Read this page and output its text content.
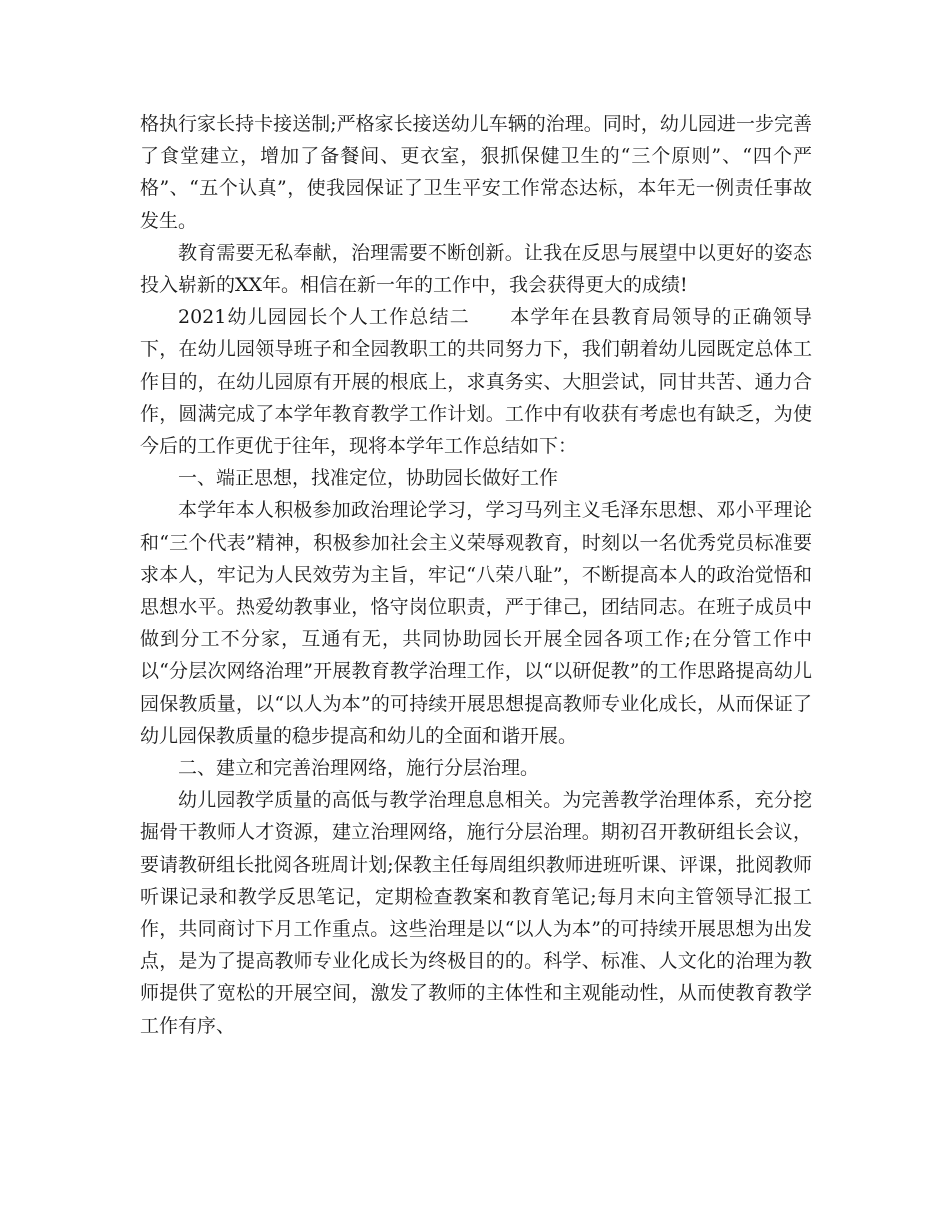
格执行家长持卡接送制;严格家长接送幼儿车辆的治理。同时，幼儿园进一步完善了食堂建立，增加了备餐间、更衣室，狠抓保健卫生的“三个原则”、“四个严格”、“五个认真”，使我园保证了卫生平安工作常态达标，本年无一例责任事故发生。

教育需要无私奉献，治理需要不断创新。让我在反思与展望中以更好的姿态投入崭新的XX年。相信在新一年的工作中，我会获得更大的成绩!

2021幼儿园园长个人工作总结二　　本学年在县教育局领导的正确领导下，在幼儿园领导班子和全园教职工的共同努力下，我们朝着幼儿园既定总体工作目的，在幼儿园原有开展的根底上，求真务实、大胆尝试，同甘共苦、通力合作，圆满完成了本学年教育教学工作计划。工作中有收获有考虑也有缺乏，为使今后的工作更优于往年，现将本学年工作总结如下：

一、端正思想，找准定位，协助园长做好工作

本学年本人积极参加政治理论学习，学习马列主义毛泽东思想、邓小平理论和“三个代表”精神，积极参加社会主义荣辱观教育，时刻以一名优秀党员标准要求本人，牢记为人民效劳为主旨，牢记“八荣八耻”，不断提高本人的政治觉悟和思想水平。热爱幼教事业，恪守岗位职责，严于律己，团结同志。在班子成员中做到分工不分家，互通有无，共同协助园长开展全园各项工作;在分管工作中以“分层次网络治理”开展教育教学治理工作，以“以研促教”的工作思路提高幼儿园保教质量，以“以人为本”的可持续开展思想提高教师专业化成长，从而保证了幼儿园保教质量的稳步提高和幼儿的全面和谐开展。

二、建立和完善治理网络，施行分层治理。

幼儿园教学质量的高低与教学治理息息相关。为完善教学治理体系，充分挖掘骨干教师人才资源，建立治理网络，施行分层治理。期初召开教研组长会议，要请教研组长批阅各班周计划;保教主任每周组织教师进班听课、评课，批阅教师听课记录和教学反思笔记，定期检查教案和教育笔记;每月末向主管领导汇报工作，共同商讨下月工作重点。这些治理是以“以人为本”的可持续开展思想为出发点，是为了提高教师专业化成长为终极目的的。科学、标准、人文化的治理为教师提供了宽松的开展空间，激发了教师的主体性和主观能动性，从而使教育教学工作有序、
